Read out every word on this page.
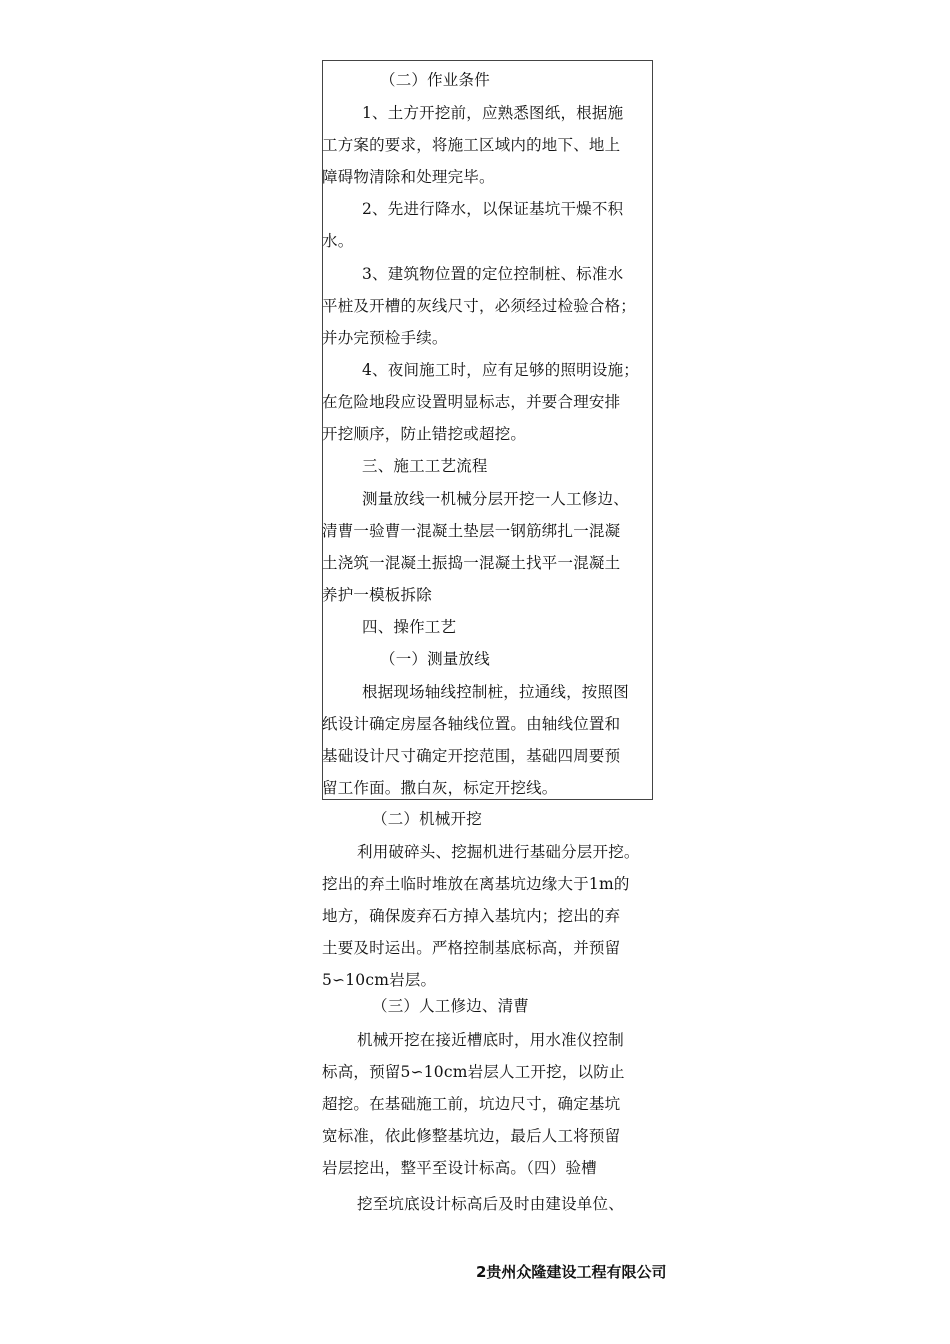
（二）作业条件
1、土方开挖前，应熟悉图纸，根据施
工方案的要求，将施工区域内的地下、地上
障碍物清除和处理完毕。
2、先进行降水，以保证基坑干燥不积
水。
3、建筑物位置的定位控制桩、标准水
平桩及开槽的灰线尺寸，必须经过检验合格；
并办完预检手续。
4、夜间施工时，应有足够的照明设施；
在危险地段应设置明显标志，并要合理安排
开挖顺序，防止错挖或超挖。
三、施工工艺流程
测量放线一机械分层开挖一人工修边、
清曹一验曹一混凝土垫层一钢筋绑扎一混凝
土浇筑一混凝土振捣一混凝土找平一混凝土
养护一模板拆除
四、操作工艺
（一）测量放线
根据现场轴线控制桩，拉通线，按照图
纸设计确定房屋各轴线位置。由轴线位置和
基础设计尺寸确定开挖范围，基础四周要预
留工作面。撒白灰，标定开挖线。
（二）机械开挖
利用破碎头、挖掘机进行基础分层开挖。
挖出的弃土临时堆放在离基坑边缘大于1m的
地方，确保废弃石方掉入基坑内；挖出的弃
土要及时运出。严格控制基底标高，并预留
5∽10cm岩层。
（三）人工修边、清曹
机械开挖在接近槽底时，用水准仪控制
标高，预留5∽10cm岩层人工开挖，以防止
超挖。在基础施工前，坑边尺寸，确定基坑
宽标准，依此修整基坑边，最后人工将预留
岩层挖出，整平至设计标高。（四）验槽
挖至坑底设计标高后及时由建设单位、
2贵州众隆建设工程有限公司
